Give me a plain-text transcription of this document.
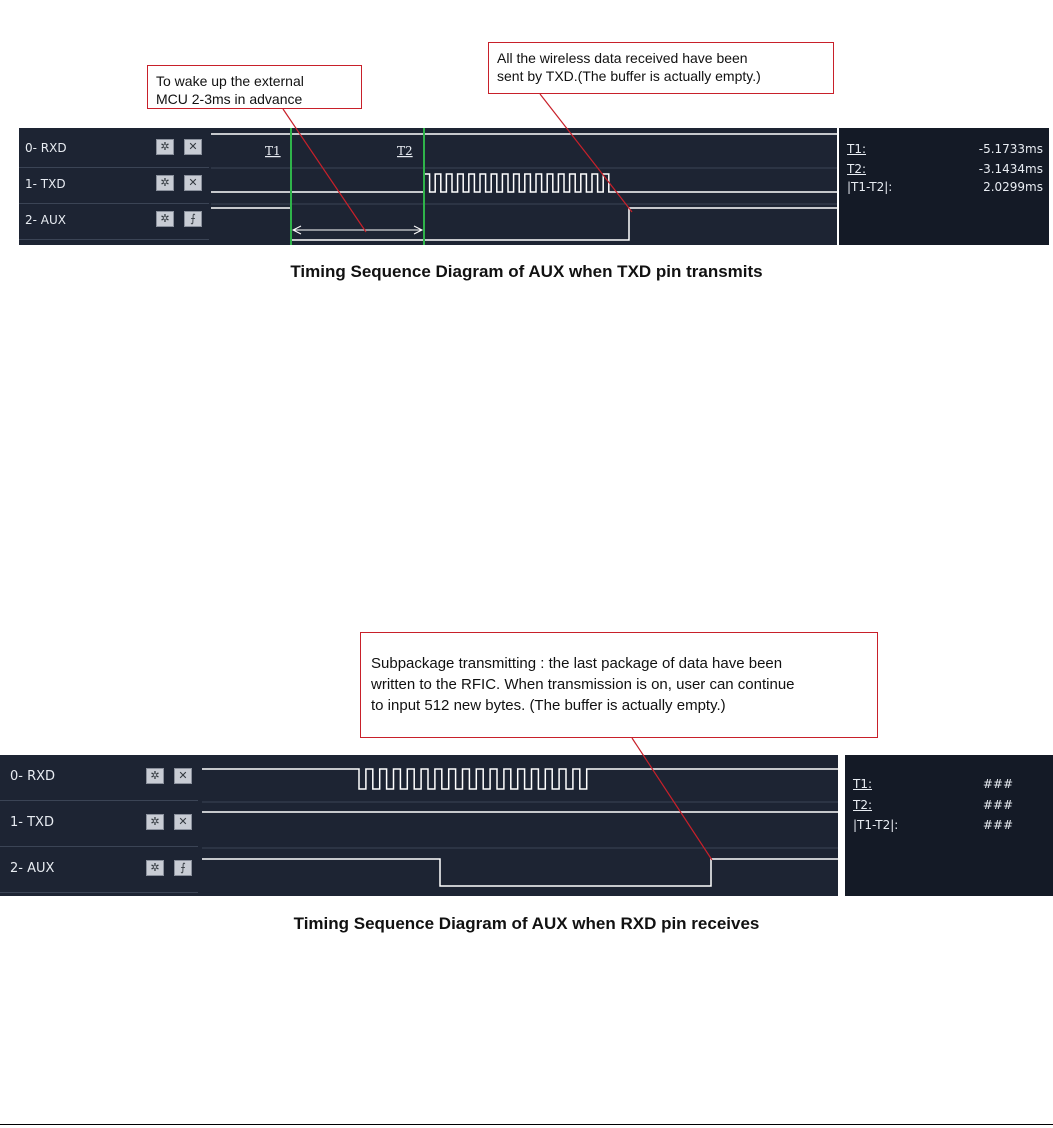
To wake up the external
MCU 2-3ms in advance
All the wireless data received have been
sent by TXD.(The buffer is actually empty.)
0- RXD	✲	✕
1- TXD	✲	✕
2- AUX	✲	⨍
T1	T2	T1:	-5.1733ms
T2:	-3.1434ms
|T1-T2|:	2.0299ms
Timing Sequence Diagram of AUX when TXD pin transmits
Subpackage transmitting : the last package of data have been
written to the RFIC. When transmission is on, user can continue
to input 512 new bytes. (The buffer is actually empty.)
0- RXD	✲	✕
1- TXD	✲	✕
2- AUX	✲	⨍
T1:	###
T2:	###
|T1-T2|:	###
Timing Sequence Diagram of AUX when RXD pin receives
